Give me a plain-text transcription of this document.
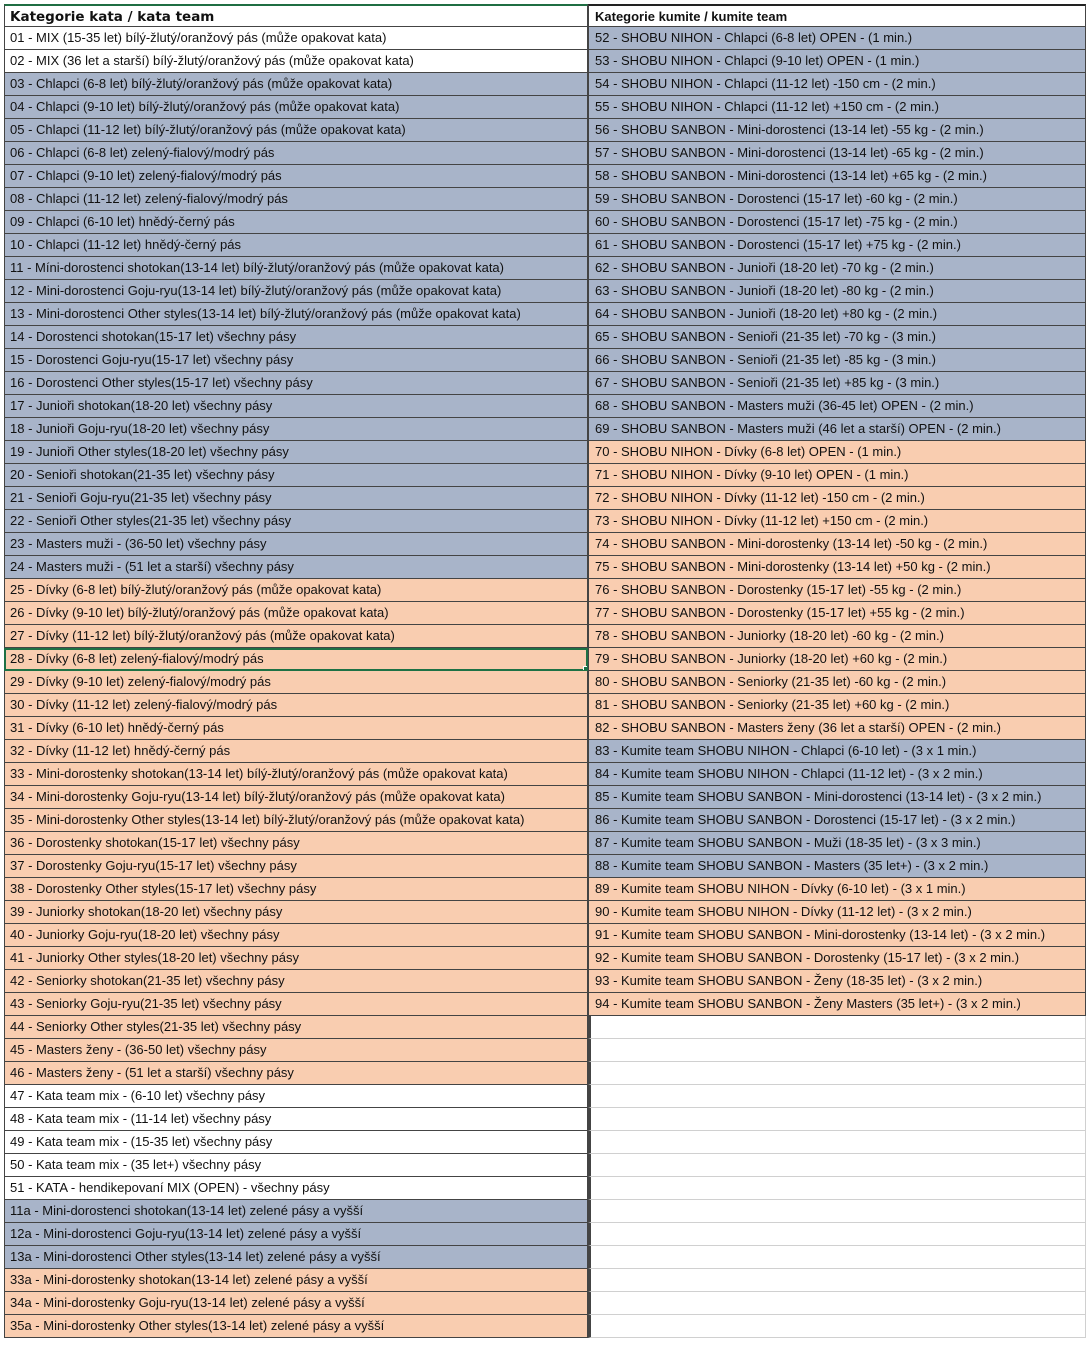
Kategorie kata / kata team
01 - MIX (15-35 let) bílý-žlutý/oranžový pás (může opakovat kata)
02 - MIX (36 let a starší) bílý-žlutý/oranžový pás (může opakovat kata)
03 - Chlapci (6-8 let) bílý-žlutý/oranžový pás (může opakovat kata)
04 - Chlapci (9-10 let) bílý-žlutý/oranžový pás (může opakovat kata)
05 - Chlapci (11-12 let) bílý-žlutý/oranžový pás (může opakovat kata)
06 - Chlapci (6-8 let) zelený-fialový/modrý pás
07 - Chlapci (9-10 let) zelený-fialový/modrý pás
08 - Chlapci (11-12 let) zelený-fialový/modrý pás
09 - Chlapci (6-10 let) hnědý-černý pás
10 - Chlapci (11-12 let) hnědý-černý pás
11 - Míni-dorostenci shotokan(13-14 let) bílý-žlutý/oranžový pás (může opakovat kata)
12 - Mini-dorostenci Goju-ryu(13-14 let) bílý-žlutý/oranžový pás (může opakovat kata)
13 - Mini-dorostenci Other styles(13-14 let) bílý-žlutý/oranžový pás (může opakovat kata)
14 - Dorostenci shotokan(15-17 let) všechny pásy
15 - Dorostenci Goju-ryu(15-17 let) všechny pásy
16 - Dorostenci Other styles(15-17 let) všechny pásy
17 - Junioři shotokan(18-20 let) všechny pásy
18 - Junioři Goju-ryu(18-20 let) všechny pásy
19 - Junioři Other styles(18-20 let) všechny pásy
20 - Senioři shotokan(21-35 let) všechny pásy
21 - Senioři Goju-ryu(21-35 let) všechny pásy
22 - Senioři Other styles(21-35 let) všechny pásy
23 - Masters muži - (36-50 let) všechny pásy
24 - Masters muži - (51 let a starší) všechny pásy
25 - Dívky (6-8 let) bílý-žlutý/oranžový pás (může opakovat kata)
26 - Dívky (9-10 let) bílý-žlutý/oranžový pás (může opakovat kata)
27 - Dívky (11-12 let) bílý-žlutý/oranžový pás (může opakovat kata)
28 - Dívky (6-8 let) zelený-fialový/modrý pás
29 - Dívky (9-10 let) zelený-fialový/modrý pás
30 - Dívky (11-12 let) zelený-fialový/modrý pás
31 - Dívky (6-10 let) hnědý-černý pás
32 - Dívky (11-12 let) hnědý-černý pás
33 - Mini-dorostenky shotokan(13-14 let) bílý-žlutý/oranžový pás (může opakovat kata)
34 - Mini-dorostenky Goju-ryu(13-14 let) bílý-žlutý/oranžový pás (může opakovat kata)
35 - Mini-dorostenky Other styles(13-14 let) bílý-žlutý/oranžový pás (může opakovat kata)
36 - Dorostenky shotokan(15-17 let) všechny pásy
37 - Dorostenky Goju-ryu(15-17 let) všechny pásy
38 - Dorostenky Other styles(15-17 let) všechny pásy
39 - Juniorky shotokan(18-20 let) všechny pásy
40 - Juniorky Goju-ryu(18-20 let) všechny pásy
41 - Juniorky Other styles(18-20 let) všechny pásy
42 - Seniorky shotokan(21-35 let) všechny pásy
43 - Seniorky Goju-ryu(21-35 let) všechny pásy
44 - Seniorky Other styles(21-35 let) všechny pásy
45 - Masters ženy - (36-50 let) všechny pásy
46 - Masters ženy - (51 let a starší) všechny pásy
47 - Kata team mix - (6-10 let) všechny pásy
48 - Kata team mix - (11-14 let) všechny pásy
49 - Kata team mix - (15-35 let) všechny pásy
50 - Kata team mix - (35 let+) všechny pásy
51 - KATA - hendikepovaní MIX (OPEN) - všechny pásy
11a - Mini-dorostenci shotokan(13-14 let) zelené pásy a vyšší
12a - Mini-dorostenci Goju-ryu(13-14 let) zelené pásy a vyšší
13a - Mini-dorostenci Other styles(13-14 let) zelené pásy a vyšší
33a - Mini-dorostenky shotokan(13-14 let) zelené pásy a vyšší
34a - Mini-dorostenky Goju-ryu(13-14 let) zelené pásy a vyšší
35a - Mini-dorostenky Other styles(13-14 let) zelené pásy a vyšší
Kategorie kumite / kumite team
52 - SHOBU NIHON - Chlapci (6-8 let) OPEN - (1 min.)
53 - SHOBU NIHON - Chlapci (9-10 let) OPEN - (1 min.)
54 - SHOBU NIHON - Chlapci (11-12 let) -150 cm - (2 min.)
55 - SHOBU NIHON - Chlapci (11-12 let) +150 cm - (2 min.)
56 - SHOBU SANBON - Mini-dorostenci (13-14 let) -55 kg - (2 min.)
57 - SHOBU SANBON - Mini-dorostenci (13-14 let) -65 kg - (2 min.)
58 - SHOBU SANBON - Mini-dorostenci (13-14 let) +65 kg - (2 min.)
59 - SHOBU SANBON - Dorostenci (15-17 let) -60 kg - (2 min.)
60 - SHOBU SANBON - Dorostenci (15-17 let) -75 kg - (2 min.)
61 - SHOBU SANBON - Dorostenci (15-17 let) +75 kg - (2 min.)
62 - SHOBU SANBON - Junioři (18-20 let) -70 kg - (2 min.)
63 - SHOBU SANBON - Junioři (18-20 let) -80 kg - (2 min.)
64 - SHOBU SANBON - Junioři (18-20 let) +80 kg - (2 min.)
65 - SHOBU SANBON - Senioři (21-35 let) -70 kg - (3 min.)
66 - SHOBU SANBON - Senioři (21-35 let) -85 kg - (3 min.)
67 - SHOBU SANBON - Senioři (21-35 let) +85 kg - (3 min.)
68 - SHOBU SANBON - Masters muži (36-45 let) OPEN - (2 min.)
69 - SHOBU SANBON - Masters muži (46 let a starší) OPEN - (2 min.)
70 - SHOBU NIHON - Dívky (6-8 let) OPEN - (1 min.)
71 - SHOBU NIHON - Dívky (9-10 let) OPEN - (1 min.)
72 - SHOBU NIHON - Dívky (11-12 let) -150 cm - (2 min.)
73 - SHOBU NIHON - Dívky (11-12 let) +150 cm - (2 min.)
74 - SHOBU SANBON - Mini-dorostenky (13-14 let) -50 kg - (2 min.)
75 - SHOBU SANBON - Mini-dorostenky (13-14 let) +50 kg - (2 min.)
76 - SHOBU SANBON - Dorostenky (15-17 let) -55 kg - (2 min.)
77 - SHOBU SANBON - Dorostenky (15-17 let) +55 kg - (2 min.)
78 - SHOBU SANBON - Juniorky (18-20 let) -60 kg - (2 min.)
79 - SHOBU SANBON - Juniorky (18-20 let) +60 kg - (2 min.)
80 - SHOBU SANBON - Seniorky (21-35 let) -60 kg - (2 min.)
81 - SHOBU SANBON - Seniorky (21-35 let) +60 kg - (2 min.)
82 - SHOBU SANBON - Masters ženy (36 let a starší) OPEN - (2 min.)
83 - Kumite team SHOBU NIHON - Chlapci (6-10 let) - (3 x 1 min.)
84 - Kumite team SHOBU NIHON - Chlapci (11-12 let) - (3 x 2 min.)
85 - Kumite team SHOBU SANBON - Mini-dorostenci (13-14 let) - (3 x 2 min.)
86 - Kumite team SHOBU SANBON - Dorostenci (15-17 let) - (3 x 2 min.)
87 - Kumite team SHOBU SANBON - Muži (18-35 let) - (3 x 3 min.)
88 - Kumite team SHOBU SANBON - Masters (35 let+) - (3 x 2 min.)
89 - Kumite team SHOBU NIHON - Dívky (6-10 let) - (3 x 1 min.)
90 - Kumite team SHOBU NIHON - Dívky (11-12 let) - (3 x 2 min.)
91 - Kumite team SHOBU SANBON - Mini-dorostenky (13-14 let) - (3 x 2 min.)
92 - Kumite team SHOBU SANBON - Dorostenky (15-17 let) - (3 x 2 min.)
93 - Kumite team SHOBU SANBON - Ženy (18-35 let) - (3 x 2 min.)
94 - Kumite team SHOBU SANBON - Ženy Masters (35 let+) - (3 x 2 min.)
